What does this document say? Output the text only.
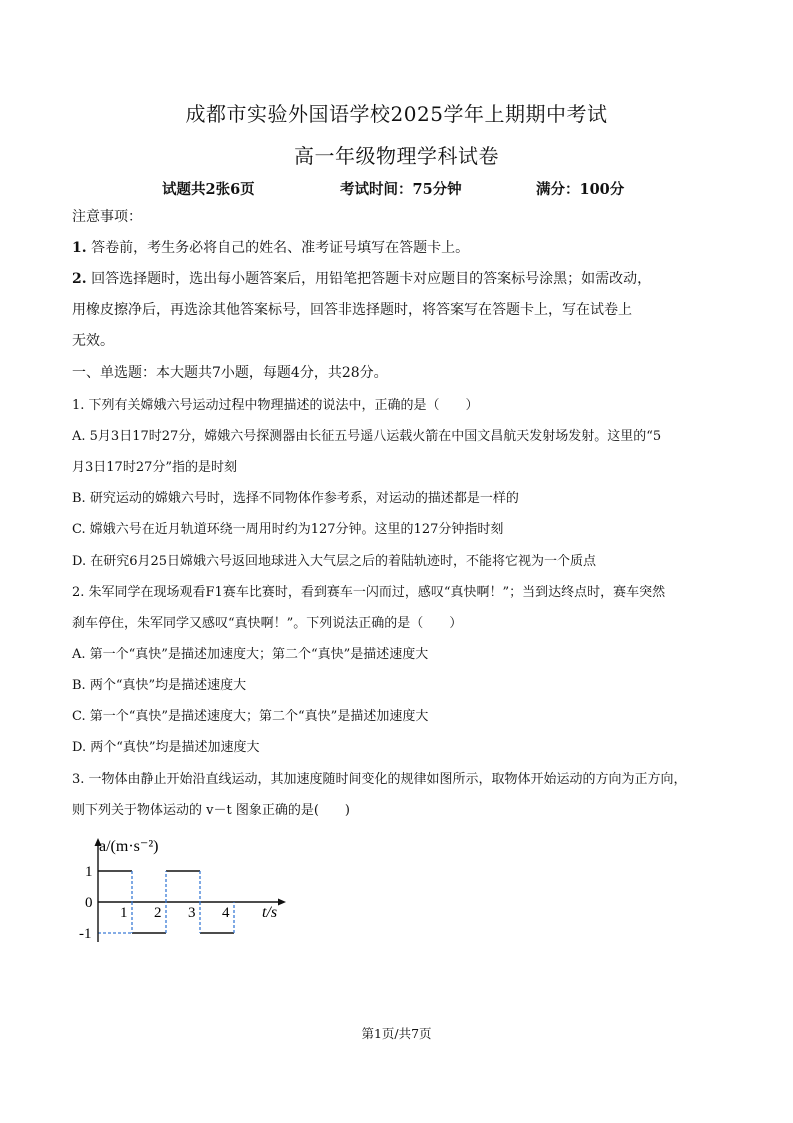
成都市实验外国语学校2025学年上期期中考试
高一年级物理学科试卷
试题共2张6页	考试时间：75分钟	满分：100分
注意事项：
1. 答卷前，考生务必将自己的姓名、准考证号填写在答题卡上。
2. 回答选择题时，选出每小题答案后，用铅笔把答题卡对应题目的答案标号涂黑；如需改动，
用橡皮擦净后，再选涂其他答案标号，回答非选择题时，将答案写在答题卡上，写在试卷上
无效。
一、单选题：本大题共7小题，每题4分，共28分。
1. 下列有关嫦娥六号运动过程中物理描述的说法中，正确的是（　　）
A. 5月3日17时27分，嫦娥六号探测器由长征五号遥八运载火箭在中国文昌航天发射场发射。这里的“5
月3日17时27分”指的是时刻
B. 研究运动的嫦娥六号时，选择不同物体作参考系，对运动的描述都是一样的
C. 嫦娥六号在近月轨道环绕一周用时约为127分钟。这里的127分钟指时刻
D. 在研究6月25日嫦娥六号返回地球进入大气层之后的着陆轨迹时，不能将它视为一个质点
2. 朱军同学在现场观看F1赛车比赛时，看到赛车一闪而过，感叹“真快啊！”；当到达终点时，赛车突然
刹车停住，朱军同学又感叹“真快啊！”。下列说法正确的是（　　）
A. 第一个“真快”是描述加速度大；第二个“真快”是描述速度大
B. 两个“真快”均是描述速度大
C. 第一个“真快”是描述速度大；第二个“真快”是描述加速度大
D. 两个“真快”均是描述加速度大
3. 一物体由静止开始沿直线运动，其加速度随时间变化的规律如图所示，取物体开始运动的方向为正方向，
则下列关于物体运动的 v－t 图象正确的是(　　)
a/(m·s⁻²)
t/s
1
0
-1
1 2 3 4
第1页/共7页
